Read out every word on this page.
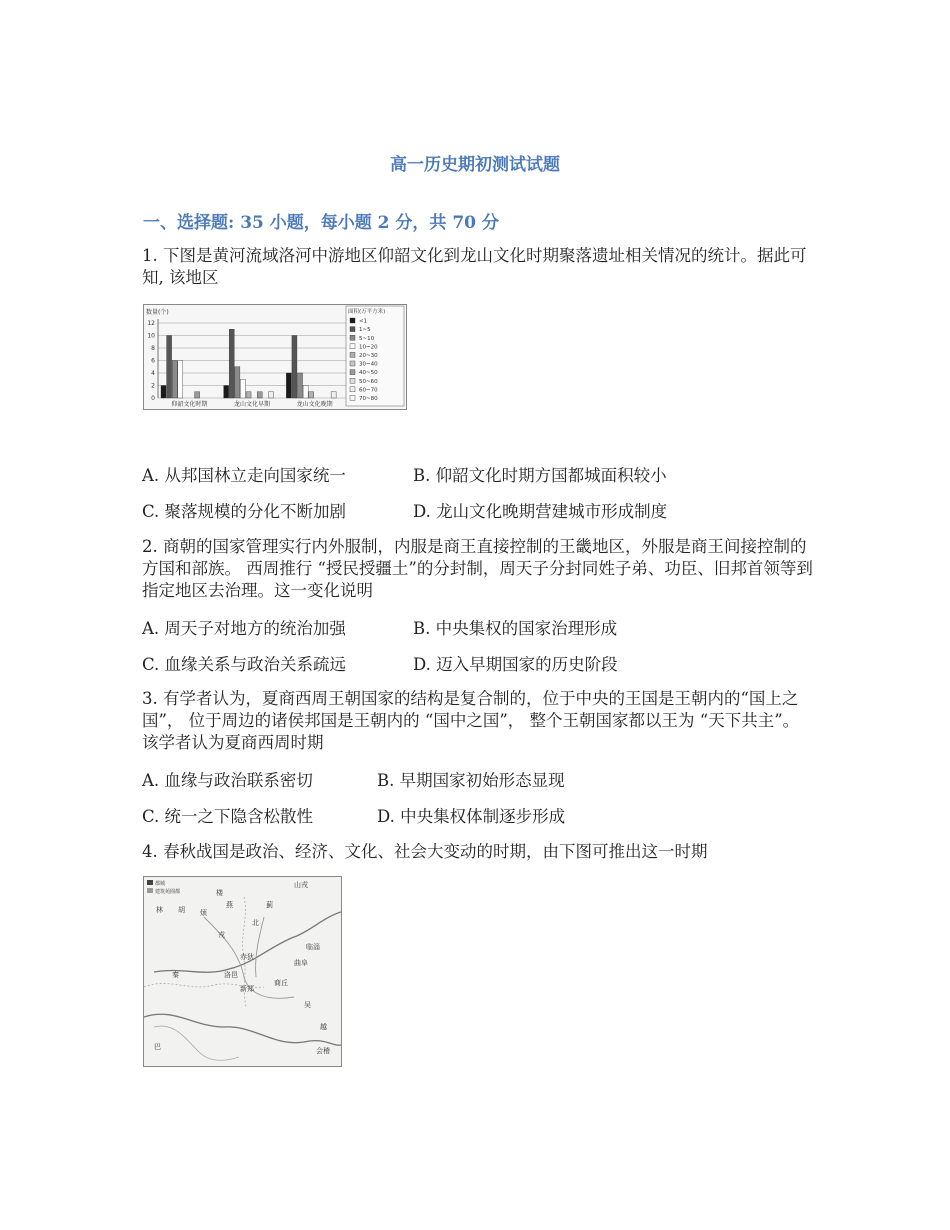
高一历史期初测试试题
一、选择题: 35 小题，每小题 2 分，共 70 分
1. 下图是黄河流域洛河中游地区仰韶文化到龙山文化时期聚落遗址相关情况的统计。据此可知, 该地区
数量(个)
0
2
4
6
8
10
12
仰韶文化时期	龙山文化早期	龙山文化晚期
面积(万平方米)
<1
1~5
5~10
10~20
20~30
30~40
40~50
50~60
60~70
70~80
A. 从邦国林立走向国家统一	B. 仰韶文化时期方国都城面积较小
C. 聚落规模的分化不断加剧	D. 龙山文化晚期营建城市形成制度
2. 商朝的国家管理实行内外服制，内服是商王直接控制的王畿地区，外服是商王间接控制的方国和部族。 西周推行 “授民授疆土”的分封制，周天子分封同姓子弟、功臣、旧邦首领等到指定地区去治理。这一变化说明
A. 周天子对地方的统治加强	B. 中央集权的国家治理形成
C. 血缘关系与政治关系疏远	D. 迈入早期国家的历史阶段
3. 有学者认为，夏商西周王朝国家的结构是复合制的，位于中央的王国是王朝内的“国上之国”， 位于周边的诸侯邦国是王朝内的 “国中之国”， 整个王朝国家都以王为 “天下共主”。该学者认为夏商西周时期
A. 血缘与政治联系密切	B. 早期国家初始形态显现
C. 统一之下隐含松散性	D. 中央集权体制逐步形成
4. 春秋战国是政治、经济、文化、社会大变动的时期，由下图可推出这一时期
都城
建筑苑囿都	楼
林 胡 烦
燕
山戎
蓟
北
戎
赤狄
临淄
秦
曲阜
洛邑
新郑
商丘
巴	会稽
越
吴
